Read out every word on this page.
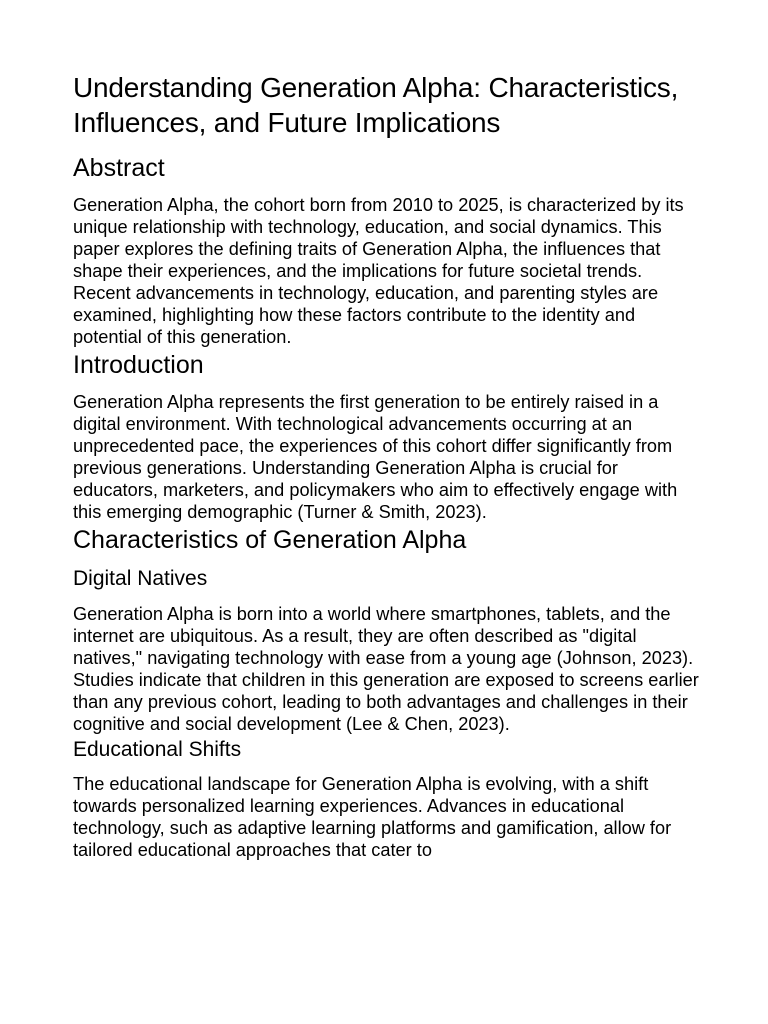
Understanding Generation Alpha: Characteristics, Influences, and Future Implications
Abstract

Generation Alpha, the cohort born from 2010 to 2025, is characterized by its unique relationship with technology, education, and social dynamics. This paper explores the defining traits of Generation Alpha, the influences that shape their experiences, and the implications for future societal trends. Recent advancements in technology, education, and parenting styles are examined, highlighting how these factors contribute to the identity and potential of this generation.

Introduction

Generation Alpha represents the first generation to be entirely raised in a digital environment. With technological advancements occurring at an unprecedented pace, the experiences of this cohort differ significantly from previous generations. Understanding Generation Alpha is crucial for educators, marketers, and policymakers who aim to effectively engage with this emerging demographic (Turner & Smith, 2023).

Characteristics of Generation Alpha
Digital Natives

Generation Alpha is born into a world where smartphones, tablets, and the internet are ubiquitous. As a result, they are often described as "digital natives," navigating technology with ease from a young age (Johnson, 2023). Studies indicate that children in this generation are exposed to screens earlier than any previous cohort, leading to both advantages and challenges in their cognitive and social development (Lee & Chen, 2023).

Educational Shifts

The educational landscape for Generation Alpha is evolving, with a shift towards personalized learning experiences. Advances in educational technology, such as adaptive learning platforms and gamification, allow for tailored educational approaches that cater to
